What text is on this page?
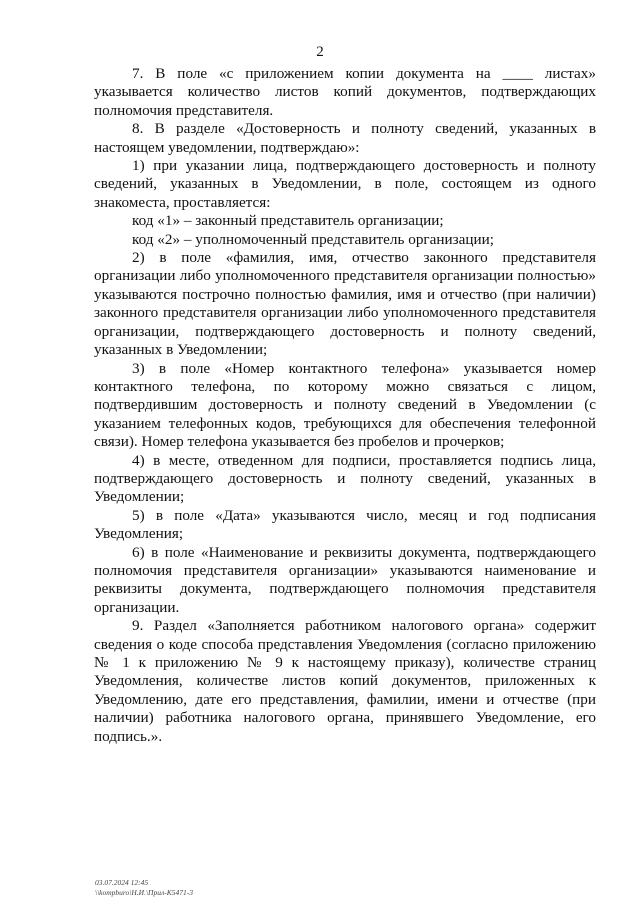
2

7. В поле «с приложением копии документа на ____ листах» указывается количество листов копий документов, подтверждающих полномочия представителя.

8. В разделе «Достоверность и полноту сведений, указанных в настоящем уведомлении, подтверждаю»:

1) при указании лица, подтверждающего достоверность и полноту сведений, указанных в Уведомлении, в поле, состоящем из одного знакоместа, проставляется:

код «1» – законный представитель организации;

код «2» – уполномоченный представитель организации;

2) в поле «фамилия, имя, отчество законного представителя организации либо уполномоченного представителя организации полностью» указываются построчно полностью фамилия, имя и отчество (при наличии) законного представителя организации либо уполномоченного представителя организации, подтверждающего достоверность и полноту сведений, указанных в Уведомлении;

3) в поле «Номер контактного телефона» указывается номер контактного телефона, по которому можно связаться с лицом, подтвердившим достоверность и полноту сведений в Уведомлении (с указанием телефонных кодов, требующихся для обеспечения телефонной связи). Номер телефона указывается без пробелов и прочерков;

4) в месте, отведенном для подписи, проставляется подпись лица, подтверждающего достоверность и полноту сведений, указанных в Уведомлении;

5) в поле «Дата» указываются число, месяц и год подписания Уведомления;

6) в поле «Наименование и реквизиты документа, подтверждающего полномочия представителя организации» указываются наименование и реквизиты документа, подтверждающего полномочия представителя организации.

9. Раздел «Заполняется работником налогового органа» содержит сведения о коде способа представления Уведомления (согласно приложению № 1 к приложению № 9 к настоящему приказу), количестве страниц Уведомления, количестве листов копий документов, приложенных к Уведомлению, дате его представления, фамилии, имени и отчестве (при наличии) работника налогового органа, принявшего Уведомление, его подпись.».

03.07.2024 12:45
\\kompburo\Н.И.\Прил-К5471-3
